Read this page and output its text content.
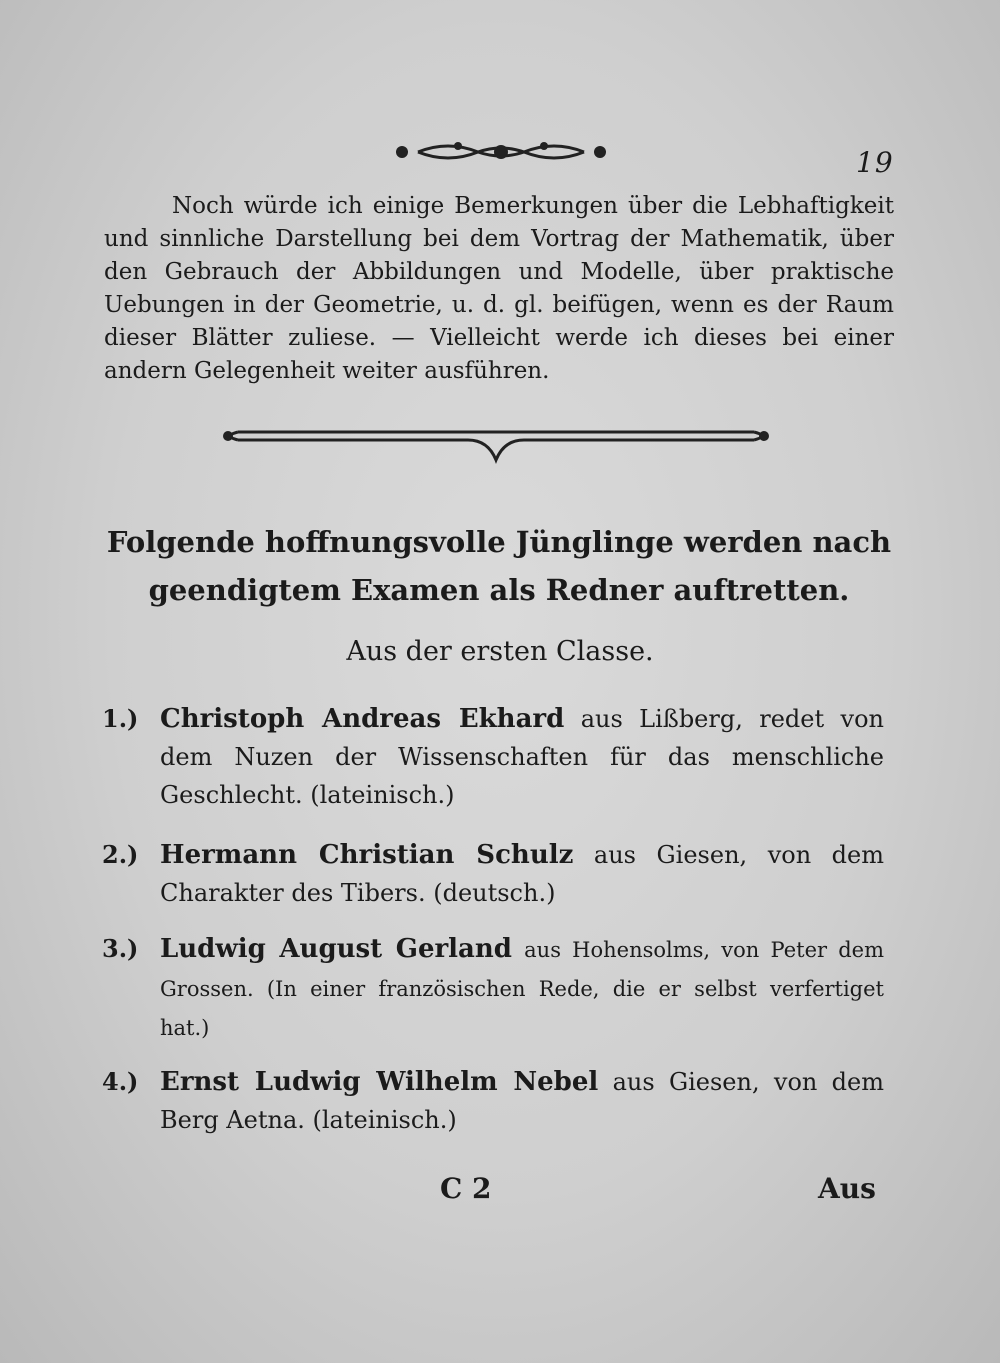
19

Noch würde ich einige Bemerkungen über die Lebhaftigkeit und sinnliche Darstellung bei dem Vortrag der Mathematik, über den Gebrauch der Abbildungen und Modelle, über praktische Uebungen in der Geometrie, u. d. gl. beifügen, wenn es der Raum dieser Blätter zuliese. — Vielleicht werde ich dieses bei einer andern Gelegenheit weiter ausführen.

Folgende hoffnungsvolle Jünglinge werden nach geendigtem Examen als Redner auftretten.
Aus der ersten Classe.
1.) Christoph Andreas Ekhard aus Lißberg, redet von dem Nuzen der Wissenschaften für das menschliche Geschlecht. (lateinisch.)
2.) Hermann Christian Schulz aus Giesen, von dem Charakter des Tibers. (deutsch.)
3.) Ludwig August Gerland aus Hohensolms, von Peter dem Grossen. (In einer französischen Rede, die er selbst verfertiget hat.)
4.) Ernst Ludwig Wilhelm Nebel aus Giesen, von dem Berg Aetna. (lateinisch.)
C 2	Aus
